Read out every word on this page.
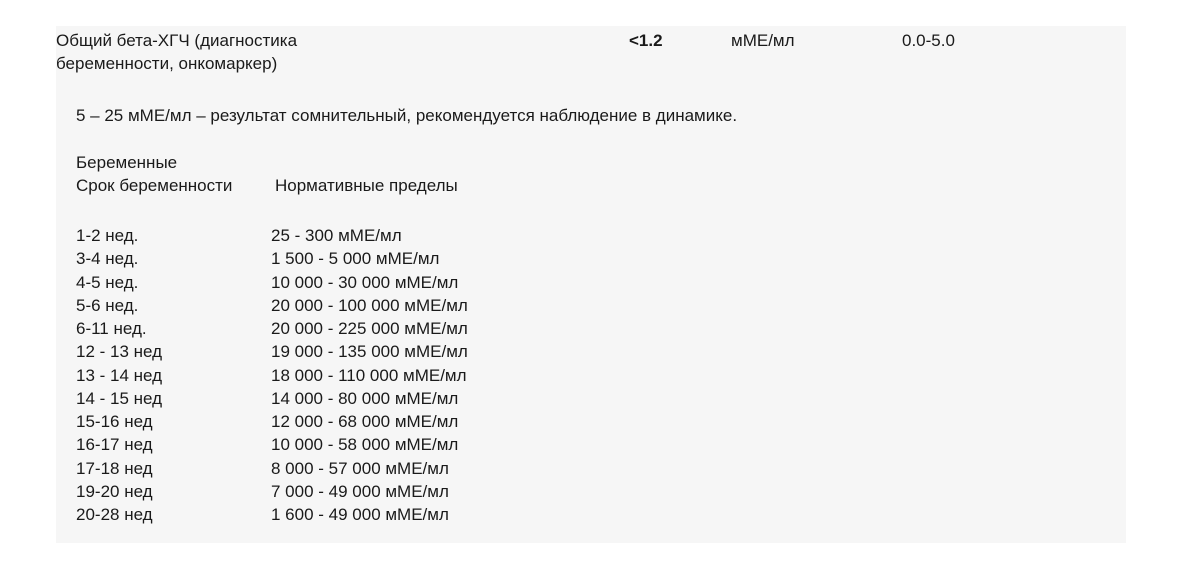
Общий бета-ХГЧ (диагностика
беременности, онкомаркер)
<1.2	мМЕ/мл	0.0-5.0
5 – 25 мМЕ/мл – результат сомнительный, рекомендуется наблюдение в динамике.
Беременные
Срок беременности	Нормативные пределы
1-2 нед.	25 - 300 мМЕ/мл
3-4 нед.	1 500 - 5 000 мМЕ/мл
4-5 нед.	10 000 - 30 000 мМЕ/мл
5-6 нед.	20 000 - 100 000 мМЕ/мл
6-11 нед.	20 000 - 225 000 мМЕ/мл
12 - 13 нед	19 000 - 135 000 мМЕ/мл
13 - 14 нед	18 000 - 110 000 мМЕ/мл
14 - 15 нед	14 000 - 80 000 мМЕ/мл
15-16 нед	12 000 - 68 000 мМЕ/мл
16-17 нед	10 000 - 58 000 мМЕ/мл
17-18 нед	8 000 - 57 000 мМЕ/мл
19-20 нед	7 000 - 49 000 мМЕ/мл
20-28 нед	1 600 - 49 000 мМЕ/мл
